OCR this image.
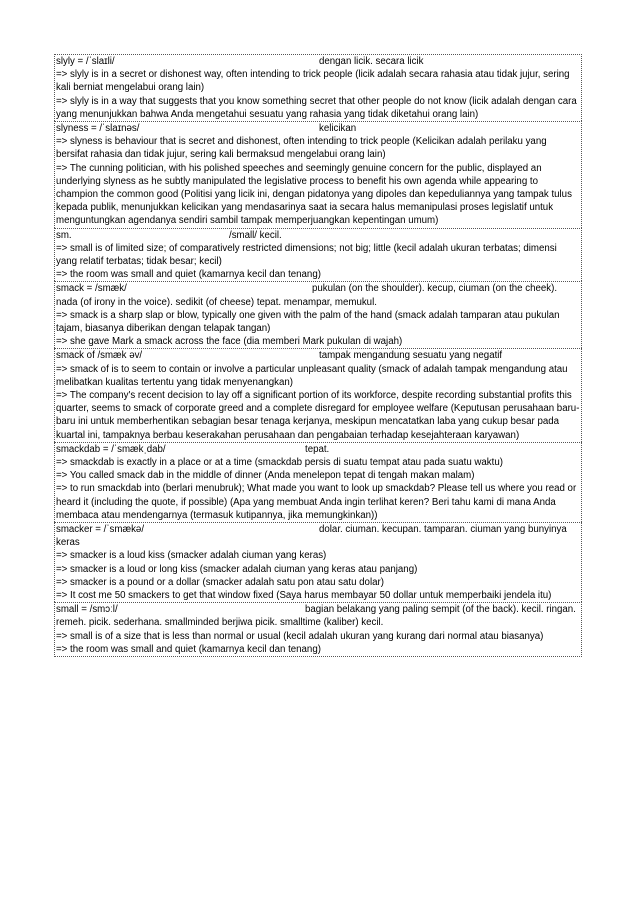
slyly = /ˈslaɪli/	dengan licik. secara licik
=> slyly is in a secret or dishonest way, often intending to trick people (licik adalah secara rahasia atau tidak jujur, sering kali berniat mengelabui orang lain)
=> slyly is in a way that suggests that you know something secret that other people do not know (licik adalah dengan cara yang menunjukkan bahwa Anda mengetahui sesuatu yang rahasia yang tidak diketahui orang lain)
slyness = /ˈslaɪnəs/	kelicikan
=> slyness is behaviour that is secret and dishonest, often intending to trick people (Kelicikan adalah perilaku yang bersifat rahasia dan tidak jujur, sering kali bermaksud mengelabui orang lain)
=> The cunning politician, with his polished speeches and seemingly genuine concern for the public, displayed an underlying slyness as he subtly manipulated the legislative process to benefit his own agenda while appearing to champion the common good (Politisi yang licik ini, dengan pidatonya yang dipoles dan kepeduliannya yang tampak tulus kepada publik, menunjukkan kelicikan yang mendasarinya saat ia secara halus memanipulasi proses legislatif untuk menguntungkan agendanya sendiri sambil tampak memperjuangkan kepentingan umum)
sm.	/small/ kecil.
=> small is of limited size; of comparatively restricted dimensions; not big; little (kecil adalah ukuran terbatas; dimensi yang relatif terbatas; tidak besar; kecil)
=> the room was small and quiet (kamarnya kecil dan tenang)
smack = /smæk/	pukulan (on the shoulder). kecup, ciuman (on the cheek).
nada (of irony in the voice). sedikit (of cheese) tepat. menampar, memukul.
=> smack is a sharp slap or blow, typically one given with the palm of the hand (smack adalah tamparan atau pukulan tajam, biasanya diberikan dengan telapak tangan)
=> she gave Mark a smack across the face (dia memberi Mark pukulan di wajah)
smack of /smæk əv/	tampak mengandung sesuatu yang negatif
=> smack of is to seem to contain or involve a particular unpleasant quality (smack of adalah tampak mengandung atau melibatkan kualitas tertentu yang tidak menyenangkan)
=> The company's recent decision to lay off a significant portion of its workforce, despite recording substantial profits this quarter, seems to smack of corporate greed and a complete disregard for employee welfare (Keputusan perusahaan baru-baru ini untuk memberhentikan sebagian besar tenaga kerjanya, meskipun mencatatkan laba yang cukup besar pada kuartal ini, tampaknya berbau keserakahan perusahaan dan pengabaian terhadap kesejahteraan karyawan)
smackdab = /ˈsmækˌdab/	tepat.
=> smackdab is exactly in a place or at a time (smackdab persis di suatu tempat atau pada suatu waktu)
=> You called smack dab in the middle of dinner (Anda menelepon tepat di tengah makan malam)
=> to run smackdab into (berlari menubruk); What made you want to look up smackdab? Please tell us where you read or heard it (including the quote, if possible) (Apa yang membuat Anda ingin terlihat keren? Beri tahu kami di mana Anda membaca atau mendengarnya (termasuk kutipannya, jika memungkinkan))
smacker = /ˈsmækə/	dolar. ciuman. kecupan. tamparan. ciuman yang bunyinya
keras
=> smacker is a loud kiss (smacker adalah ciuman yang keras)
=> smacker is a loud or long kiss (smacker adalah ciuman yang keras atau panjang)
=> smacker is a pound or a dollar (smacker adalah satu pon atau satu dolar)
=> It cost me 50 smackers to get that window fixed (Saya harus membayar 50 dollar untuk memperbaiki jendela itu)
small = /smɔːl/	bagian belakang yang paling sempit (of the back). kecil. ringan.
remeh. picik. sederhana. smallminded berjiwa picik. smalltime (kaliber) kecil.
=> small is of a size that is less than normal or usual (kecil adalah ukuran yang kurang dari normal atau biasanya)
=> the room was small and quiet (kamarnya kecil dan tenang)
